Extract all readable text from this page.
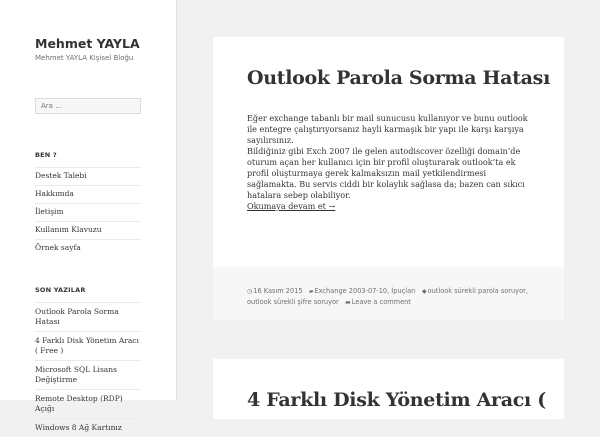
Mehmet YAYLA
Mehmet YAYLA Kişisel Bloğu
Ara …
BEN ?
Destek Talebi
Hakkımda
İletişim
Kullanım Klavuzu
Örnek sayfa
SON YAZILAR
Outlook Parola Sorma Hatası
4 Farklı Disk Yönetim Aracı ( Free )
Microsoft SQL Lisans Değiştirme
Remote Desktop (RDP) Açığı
Windows 8 Ağ Kartınız
Outlook Parola Sorma Hatası

Eğer exchange tabanlı bir mail sunucusu kullanıyor ve bunu outlook ile entegre çalıştırıyorsanız hayli karmaşık bir yapı ile karşı karşıya sayılırsınız.

Bildiğiniz gibi Exch 2007 ile gelen autodiscover özelliği domain’de oturum açan her kullanıcı için bir profil oluşturarak outlook’ta ek profil oluşturmaya gerek kalmaksızın mail yetkilendirmesi sağlamakta. Bu servis ciddi bir kolaylık sağlasa da; bazen can sıkıcı hatalara sebep olabiliyor.

Okumaya devam et →
◷16 Kasım 2015 ▰Exchange 2003-07-10, İpuçları ◆outlook sürekli parola soruyor, outlook sürekli şifre soruyor ▬Leave a comment
4 Farklı Disk Yönetim Aracı (
